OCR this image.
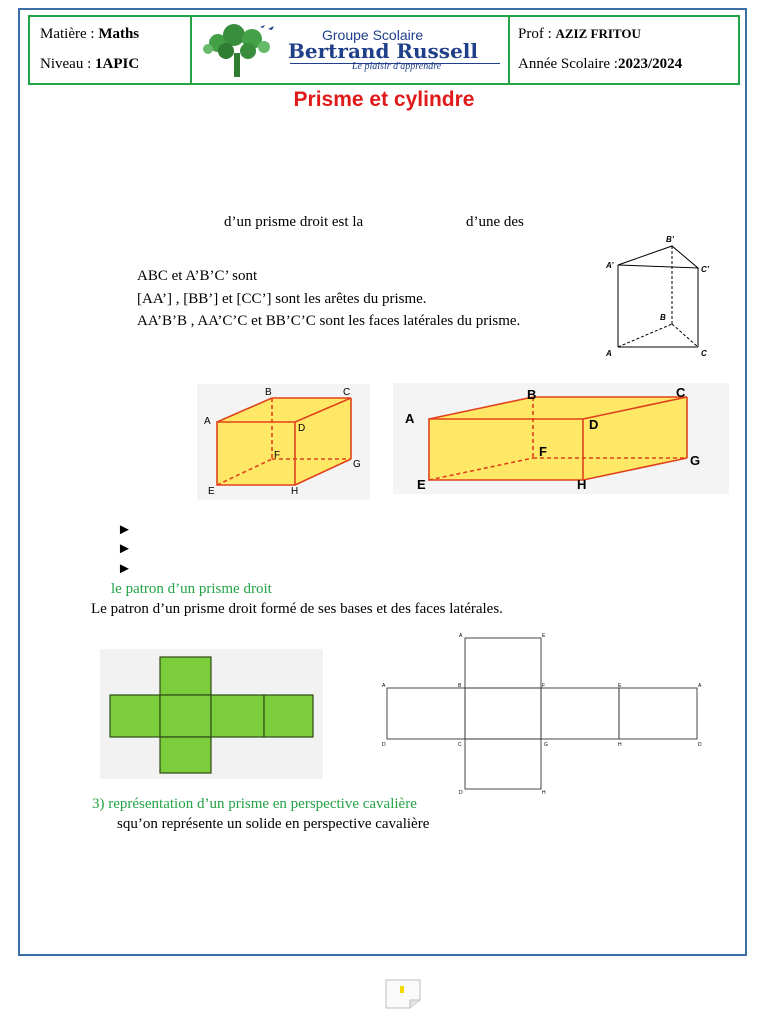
Matière : Maths
Niveau : 1APIC
Groupe Scolaire
Bertrand Russell
Le plaisir d'apprendre
Prof : AZIZ FRITOU
Année Scolaire :2023/2024
Prisme et cylindre
d’un prisme droit est la	d’une des
ABC et A’B’C’ sont
[AA’] , [BB’] et [CC’] sont les arêtes du prisme.
AA’B’B , AA’C’C et BB’C’C sont les faces latérales du prisme.
A’
B’
C’
A
B
C
A
B	C
D
E
F
G
H
A
B	C
D
E
F
G
H
►
►
►
le patron d’un prisme droit
Le patron d’un prisme droit formé de ses bases et des faces latérales.
A	E
A	B	F	E	A
D	C	G	H	D
D	H
3) représentation d’un prisme en perspective cavalière
squ’on représente un solide en perspective cavalière
